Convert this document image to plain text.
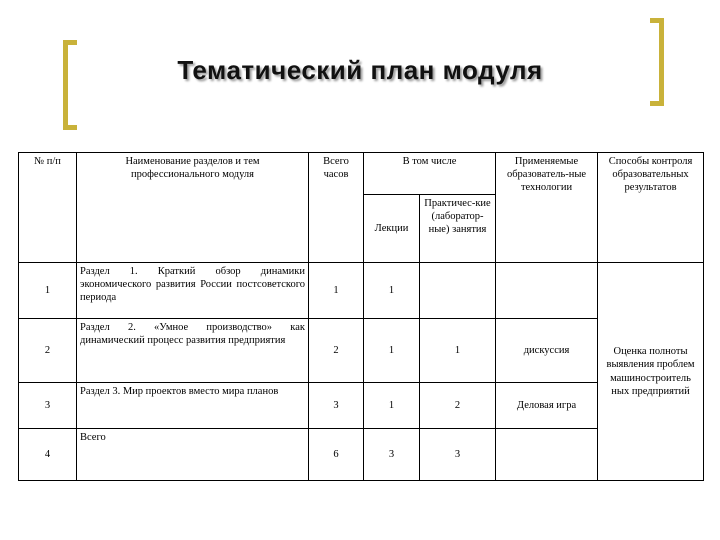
Тематический план модуля
№ п/п	Наименование разделов и тем профессионального модуля	Всего часов	В том числе		Применяемые образователь-ные технологии	Способы контроля образовательных результатов
			Лекции	Практичес-кие (лаборатор-ные) занятия		
1	Раздел 1. Краткий обзор динамики экономического развития России постсоветского периода	1	1			Оценка полноты выявления проблем машиностроитель ных предприятий
2	Раздел 2. «Умное производство» как динамический процесс развития предприятия	2	1	1	дискуссия	
3	Раздел 3. Мир проектов вместо мира планов	3	1	2	Деловая игра	
4	Всего	6	3	3		
